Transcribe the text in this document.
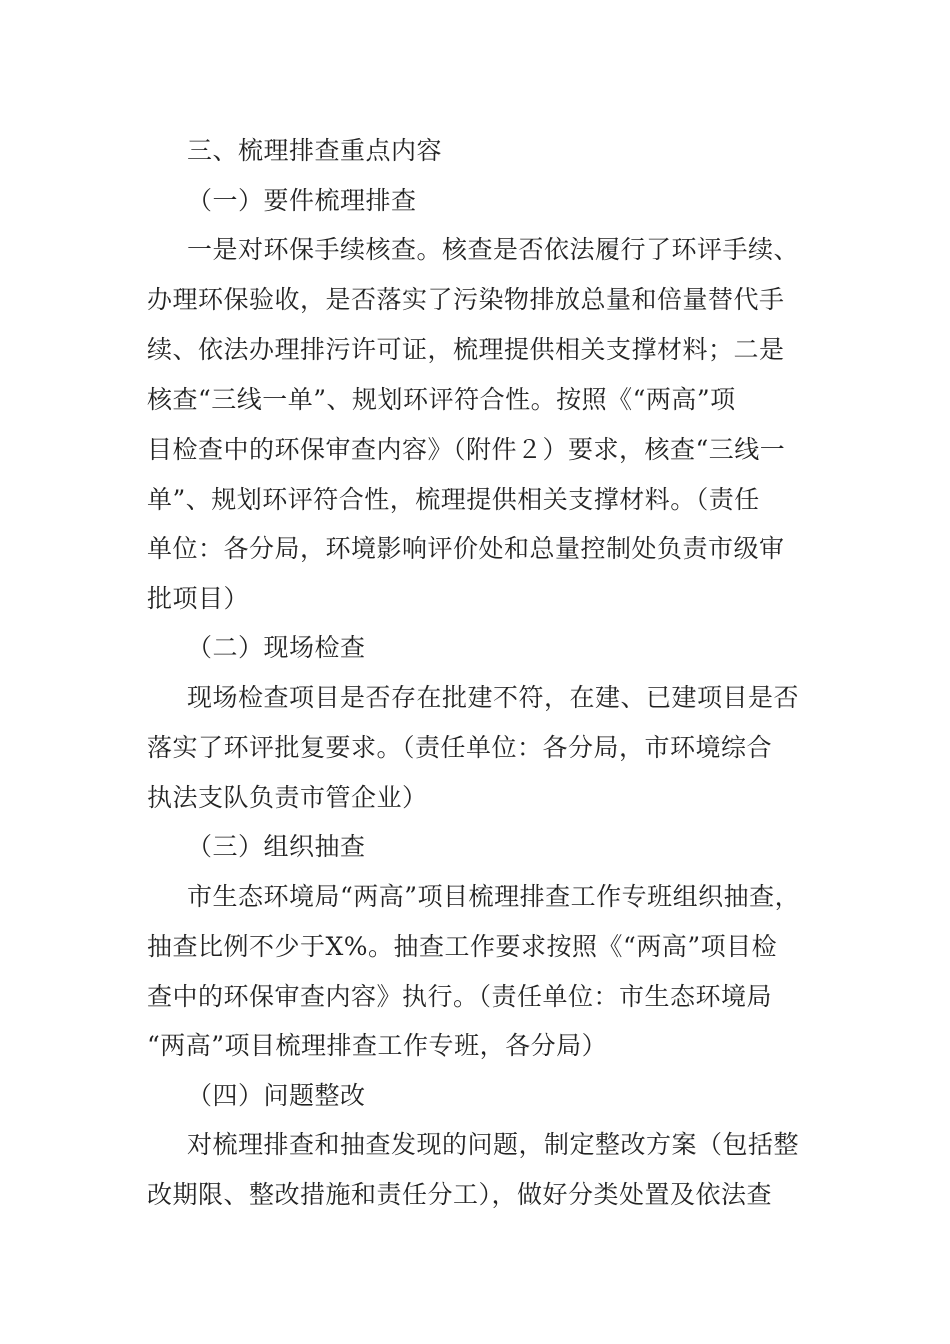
三、梳理排查重点内容
（一）要件梳理排查
一是对环保手续核查。核查是否依法履行了环评手续、
办理环保验收，是否落实了污染物排放总量和倍量替代手
续、依法办理排污许可证，梳理提供相关支撑材料；二是
核查“三线一单”、规划环评符合性。按照《“两高”项
目检查中的环保审查内容》（附件２）要求，核查“三线一
单”、规划环评符合性，梳理提供相关支撑材料。（责任
单位：各分局，环境影响评价处和总量控制处负责市级审
批项目）
（二）现场检查
现场检查项目是否存在批建不符，在建、已建项目是否
落实了环评批复要求。（责任单位：各分局，市环境综合
执法支队负责市管企业）
（三）组织抽查
市生态环境局“两高”项目梳理排查工作专班组织抽查，
抽查比例不少于X%。抽查工作要求按照《“两高”项目检
查中的环保审查内容》执行。（责任单位：市生态环境局
“两高”项目梳理排查工作专班，各分局）
（四）问题整改
对梳理排查和抽查发现的问题，制定整改方案（包括整
改期限、整改措施和责任分工），做好分类处置及依法查
